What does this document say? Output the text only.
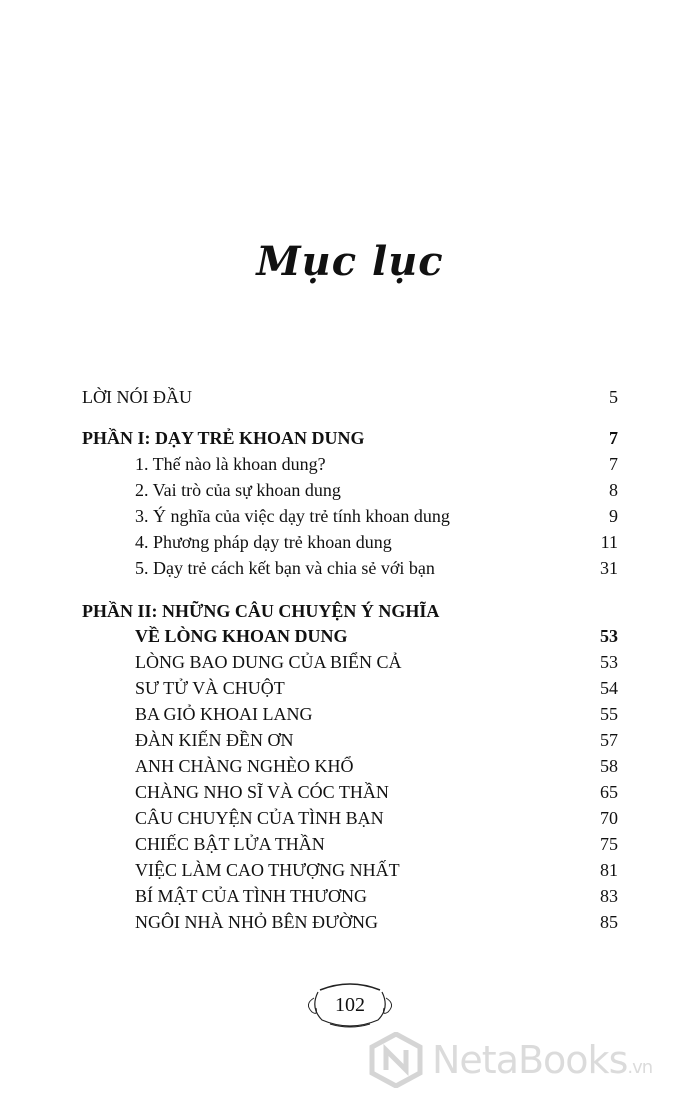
Mục lục
LỜI NÓI ĐẦU	5
PHẦN I: DẠY TRẺ KHOAN DUNG	7
1. Thế nào là khoan dung?	7
2. Vai trò của sự khoan dung	8
3. Ý nghĩa của việc dạy trẻ tính khoan dung	9
4. Phương pháp dạy trẻ khoan dung	11
5. Dạy trẻ cách kết bạn và chia sẻ với bạn	31
PHẦN II: NHỮNG CÂU CHUYỆN Ý NGHĨA
VỀ LÒNG KHOAN DUNG	53
LÒNG BAO DUNG CỦA BIỂN CẢ	53
SƯ TỬ VÀ CHUỘT	54
BA GIỎ KHOAI LANG	55
ĐÀN KIẾN ĐỀN ƠN	57
ANH CHÀNG NGHÈO KHỔ	58
CHÀNG NHO SĨ VÀ CÓC THẦN	65
CÂU CHUYỆN CỦA TÌNH BẠN	70
CHIẾC BẬT LỬA THẦN	75
VIỆC LÀM CAO THƯỢNG NHẤT	81
BÍ MẬT CỦA TÌNH THƯƠNG	83
NGÔI NHÀ NHỎ BÊN ĐƯỜNG	85
102
NetaBooks.vn
